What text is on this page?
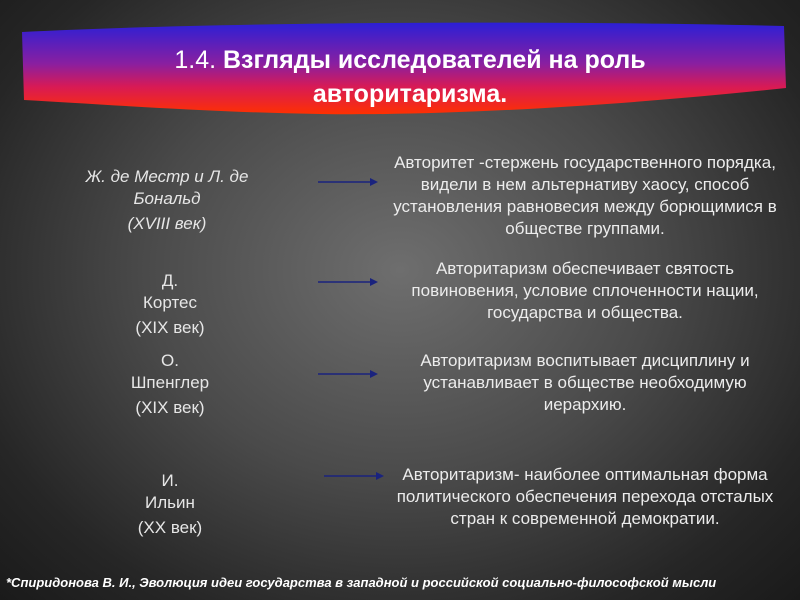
1.4. Взгляды исследователей на роль
авторитаризма.
Ж. де Местр и Л. де
Бональд
(XVIII век)
Авторитет -стержень государственного порядка, видели в нем альтернативу хаосу, способ установления равновесия между борющимися в обществе группами.
Д.
Кортес
(XIX век)
Авторитаризм обеспечивает святость повиновения, условие сплоченности нации, государства и общества.
О.
Шпенглер
(XIX век)
Авторитаризм воспитывает дисциплину и устанавливает в обществе необходимую иерархию.
И.
Ильин
(XX век)
Авторитаризм- наиболее оптимальная форма политического обеспечения перехода отсталых стран к современной демократии.
*Спиридонова В. И., Эволюция идеи государства в западной и российской социально-философской мысли
